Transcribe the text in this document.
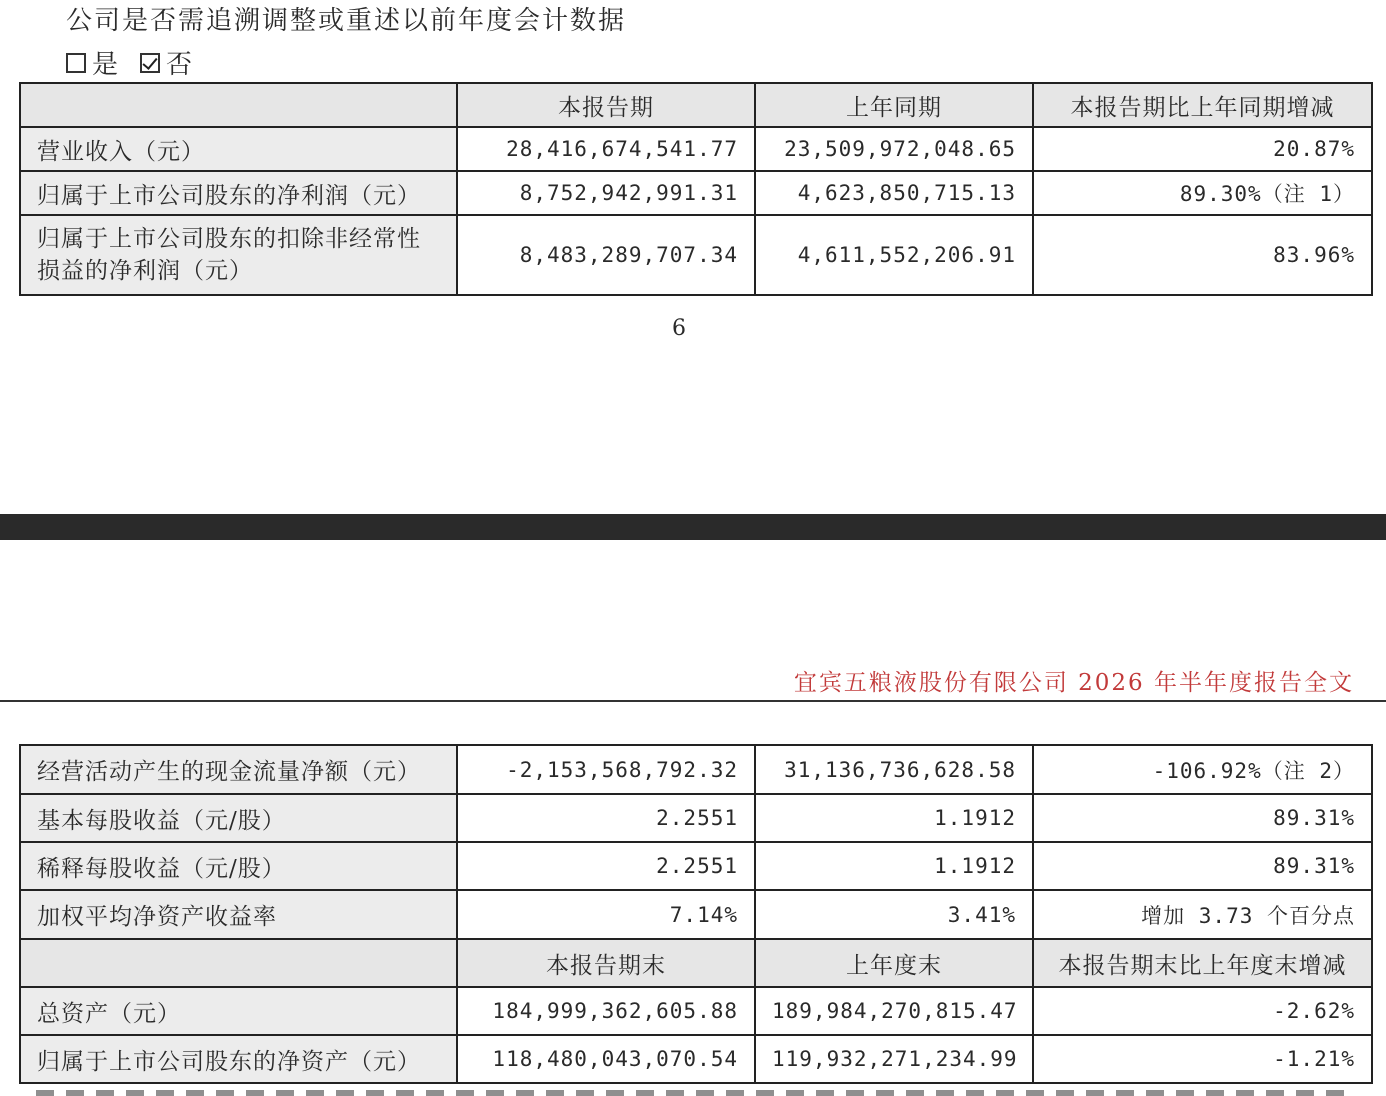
公司是否需追溯调整或重述以前年度会计数据
是 否
	本报告期	上年同期	本报告期比上年同期增减
营业收入（元）	28,416,674,541.77	23,509,972,048.65	20.87%
归属于上市公司股东的净利润（元）	8,752,942,991.31	4,623,850,715.13	89.30%（注 1）
归属于上市公司股东的扣除非经常性损益的净利润（元）	8,483,289,707.34	4,611,552,206.91	83.96%
6
宜宾五粮液股份有限公司 2026 年半年度报告全文
经营活动产生的现金流量净额（元）	-2,153,568,792.32	31,136,736,628.58	-106.92%（注 2）
基本每股收益（元/股）	2.2551	1.1912	89.31%
稀释每股收益（元/股）	2.2551	1.1912	89.31%
加权平均净资产收益率	7.14%	3.41%	增加 3.73 个百分点
	本报告期末	上年度末	本报告期末比上年度末增减
总资产（元）	184,999,362,605.88	189,984,270,815.47	-2.62%
归属于上市公司股东的净资产（元）	118,480,043,070.54	119,932,271,234.99	-1.21%
